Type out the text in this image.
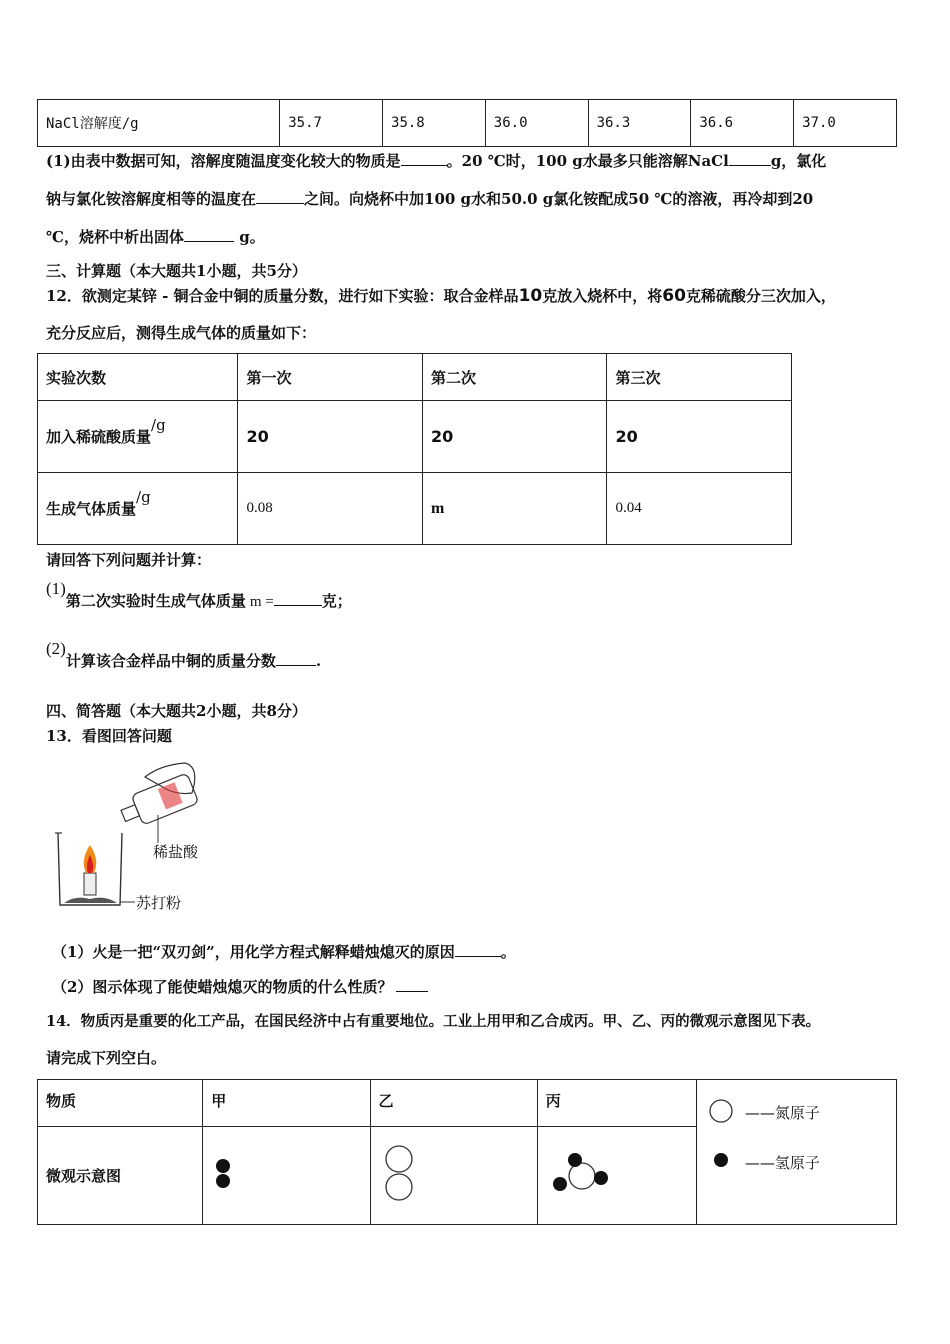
NaCl溶解度/g	35.7	35.8	36.0	36.3	36.6	37.0
(1)由表中数据可知，溶解度随温度变化较大的物质是	。20 ℃时，100 g水最多只能溶解NaCl	g，氯化
钠与氯化铵溶解度相等的温度在	之间。向烧杯中加100 g水和50.0 g氯化铵配成50 ℃的溶液，再冷却到20
℃，烧杯中析出固体	g。
三、计算题（本大题共1小题，共5分）
12．欲测定某锌 - 铜合金中铜的质量分数，进行如下实验：取合金样品10克放入烧杯中，将60克稀硫酸分三次加入，
充分反应后，测得生成气体的质量如下：
实验次数	第一次	第二次	第三次
加入稀硫酸质量/g	20	20	20
生成气体质量/g	0.08	m	0.04
请回答下列问题并计算：
(1)第二次实验时生成气体质量 m =	克；
(2)计算该合金样品中铜的质量分数	.
四、简答题（本大题共2小题，共8分）
13．看图回答问题
稀盐酸
苏打粉
（1）火是一把“双刃剑”，用化学方程式解释蜡烛熄灭的原因	。
（2）图示体现了能使蜡烛熄灭的物质的什么性质？
14．物质丙是重要的化工产品，在国民经济中占有重要地位。工业上用甲和乙合成丙。甲、乙、丙的微观示意图见下表。
请完成下列空白。
物质	甲	乙	丙	——氮原子
——氢原子

微观示意图			
